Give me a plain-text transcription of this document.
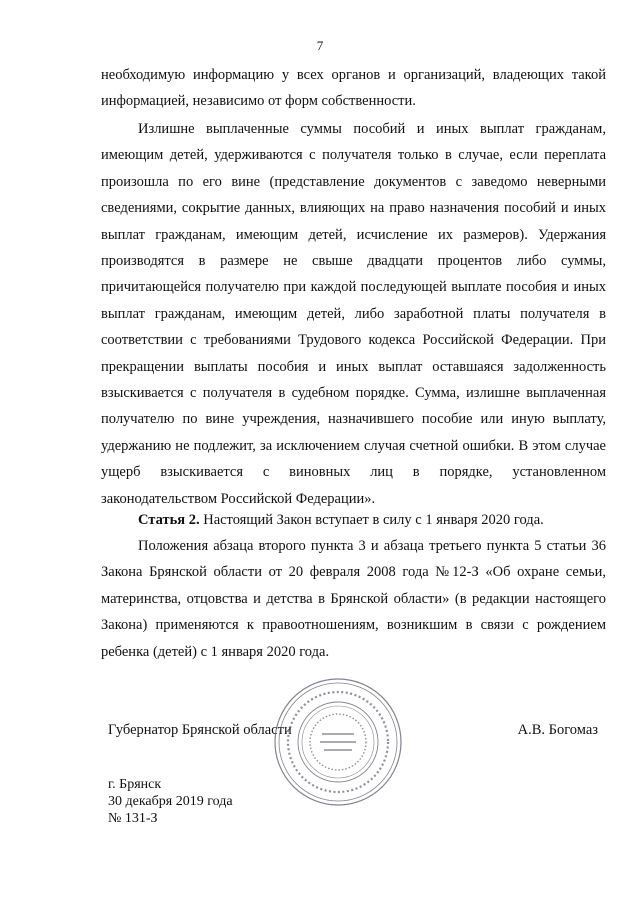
7
необходимую информацию у всех органов и организаций, владеющих такой информацией, независимо от форм собственности.
Излишне выплаченные суммы пособий и иных выплат гражданам, имеющим детей, удерживаются с получателя только в случае, если переплата произошла по его вине (представление документов с заведомо неверными сведениями, сокрытие данных, влияющих на право назначения пособий и иных выплат гражданам, имеющим детей, исчисление их размеров). Удержания производятся в размере не свыше двадцати процентов либо суммы, причитающейся получателю при каждой последующей выплате пособия и иных выплат гражданам, имеющим детей, либо заработной платы получателя в соответствии с требованиями Трудового кодекса Российской Федерации. При прекращении выплаты пособия и иных выплат оставшаяся задолженность взыскивается с получателя в судебном порядке. Сумма, излишне выплаченная получателю по вине учреждения, назначившего пособие или иную выплату, удержанию не подлежит, за исключением случая счетной ошибки. В этом случае ущерб взыскивается с виновных лиц в порядке, установленном законодательством Российской Федерации».
Статья 2. Настоящий Закон вступает в силу с 1 января 2020 года.
Положения абзаца второго пункта 3 и абзаца третьего пункта 5 статьи 36 Закона Брянской области от 20 февраля 2008 года №12-З «Об охране семьи, материнства, отцовства и детства в Брянской области» (в редакции настоящего Закона) применяются к правоотношениям, возникшим в связи с рождением ребенка (детей) с 1 января 2020 года.
Губернатор Брянской области	А.В. Богомаз
г. Брянск
30 декабря 2019 года
№ 131-З
